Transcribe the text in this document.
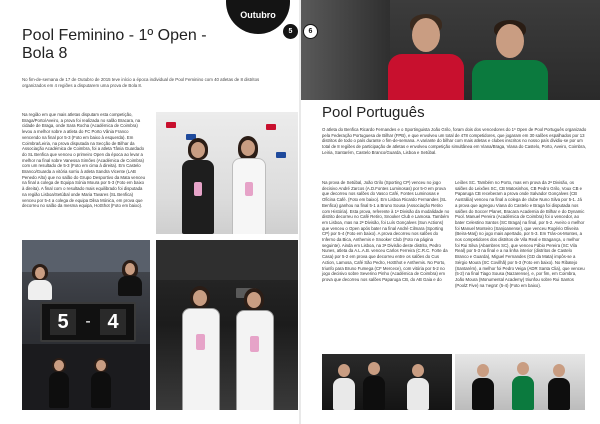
Pool Feminino - 1º Open - Bola 8

No fim-de-semana de 17 de Outubro de 2015 teve início a época individual de Pool Feminino com 40 atletas de 8 distritos organizados em 4 regiões a disputarem uma prova de Bola 8.

Na região em que mais atletas disputam esta competição, Braga/Porto/Aveiro, a prova foi realizada no salão Bracara, na cidade de Braga, onde Sara Rocha (Académica de Coimbra) levou a melhor sobre a atleta do FC Porto Vânia Franco vencendo na final por 5-3 (Foto em baixo à esquerda). Em Coimbra/Leiria, na prova disputada na Secção de Bilhar da Associação Académica de Coimbra, foi a atleta Tânia Guardado do SL Benfica que venceu o primeiro Open da época ao levar a melhor na final sobre Vanessa Simões (Académica de Coimbra) com um resultado de 5-3 (Foto em cima à direita). Em Castelo Branco/Guarda a vitória sorriu à atleta Sandra Vicente (LAB Penedo Alto) que no salão do Grupo Desportivo da Mata venceu na final a colega de Equipa Sónia Moura por 5-3 (Foto em baixo à direita). A final com o resultado mais equilibrado foi disputada na região Lisboa/Setúbal onde Maria Tavares (SL Benfica) venceu por 5-4 a colega de equipa Dilsa Mónica, em prova que decorreu no salão da mesma equipa, HotShot (Foto em baixo).

5	- 4
Pool Português

O atleta do Benfica Ricardo Fernandes e o Sportinguista João Grilo, foram dois dos vencedores do 1º Open de Pool Português organizado pela Federação Portuguesa de Bilhar (FPB), e que envolveu um total de 478 competidores, que jogaram em 30 salões espalhados por 13 distritos de todo o país durante o fim-de-semana. A variante do bilhar com mais atletas e clubes inscritos no nosso país dividiu-se por um total de 8 regiões de participação de atletas e envolveu competição simultânea em Viana/Braga, Viana do Castelo, Porto, Aveiro, Coimbra, Leiria, Santarém, Castelo Branco/Guarda, Lisboa e Setúbal.

Na prova de Setúbal, João Grilo (Sporting CP) venceu no jogo decisivo André Zarcos (A.D.Fontes Luminosas) por 5-0 em prova que decorreu nos salões do Vasco Café, Fontes Luminosas e Oficina Café. (Foto em baixo). Em Lisboa Ricardo Fernandes (SL Benfica) ganhou na final 5-1 a Bruno Sousa (Associação Retiro com História). Esta prova, referente à 1ª Divisão da modalidade no distrito decorreu no Café Retiro, Snooker Club e Lamosa. Também em Lisboa, mas na 2ª Divisão, foi Luís Gonçalves (Sun Actions) que venceu o Open após bater na final André Cilmara (Sporting CP) por 5-4 (Foto em baixo). A prova decorreu nos salões do Inferno da Bica, Anthemis e Snooker Club (Foto na página seguinte). Ainda em Lisboa, na 3ª Divisão deste distrito, Pedro Nunes, atleta da A.L.A.B. venceu Carlos Ferreira (C.R.C. Forte da Casa) por 5-2 em prova que decorreu entre os salões do Cus Action, Lamosa, Café São Pedro, HotShot e Anthemis. No Porto, triunfo para Bruno Fumega (CF Mercece), com vitória por 5-2 no jogo decisivo sobre Severino Pinho (Académica de Coimbra) em prova que decorreu nos salões Paparuga CB, do AB Gaia e do

Leiões SC. Também no Porto, mas em prova da 2ª Divisão, os salões do Leixões SC, CB Matosinhos, CB Pedro Grilo, Voux CB e Paparuga CB receberam a prova onde Salvador Gonçalves (CB Austrália) venceu na final a colega de clube Nuno Silva por 5-1. Já a prova que agregou Viana do Castelo e Braga foi disputada nos salões do Soccer Planet, Bracara Academia de Bilhar e do Dynamic Pool. Manuel Pereira (Académica de Coimbra) foi o vencedor, ao bater Celestino Santos (SC Braga) na final, por 5-2. Aveiro o melhor foi Manuel Monteiro (Sanjoanense), que venceu Rogério Oliveira (Beira-Marj) no jogo mais apertado, por 5-3. Em Trás-os-Montes, a nos competidores dos distritos de Vila Real e Bragança, o melhor foi Rui Silva (Abambres SC), que venceu Fábio Pereira (SC Vila Real) por 5-3 na final e a na linha interior (distritos de Castelo Branco e Guarda), Miguel Fernandes (GD da Mata) impôs-se a Sérgio Moura (SC Covilhã) por 5-3 (Foto em baixo). No Ribatejo (Santarém), a melhor foi Pedro Veiga (ADR Santa Clia), que venceu (5-2) na final Tiago Sousa (Nazarense), e, por fim, em Coimbra, João Moura (Monumental Academy) triunfou sobre Rui Santos (PoolZ Five) na 'negra' (5-4) (Foto em baixo).

Outubro
5	6
